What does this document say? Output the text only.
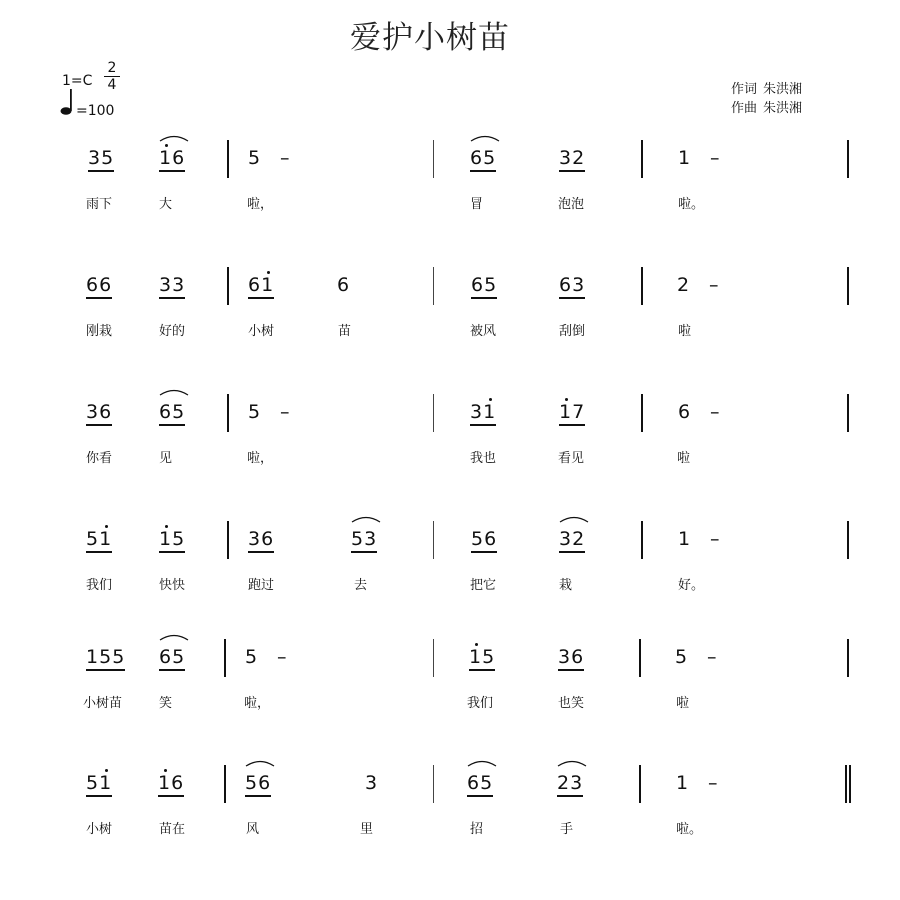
爱护小树苗
$1=C \frac{2}{4}$
=100
作词 朱洪湘
作曲 朱洪湘
35 16	5 –	65	32	1 –
雨下	大	啦，	冒	泡泡	啦。
66 33	61	6	65	63	2 –
刚栽	好的	小树	苗	被风	刮倒	啦
36 65	5 –	31	17	6 –
你看	见	啦，	我也	看见	啦
51 15	36	53	56	32	1 –
我们	快快	跑过	去	把它	栽	好。
155 65	5 –	15	36	5 –
小树苗	笑	啦，	我们	也笑	啦
51 16	56	3	65	23	1 –
小树	苗在	风	里	招	手	啦。
